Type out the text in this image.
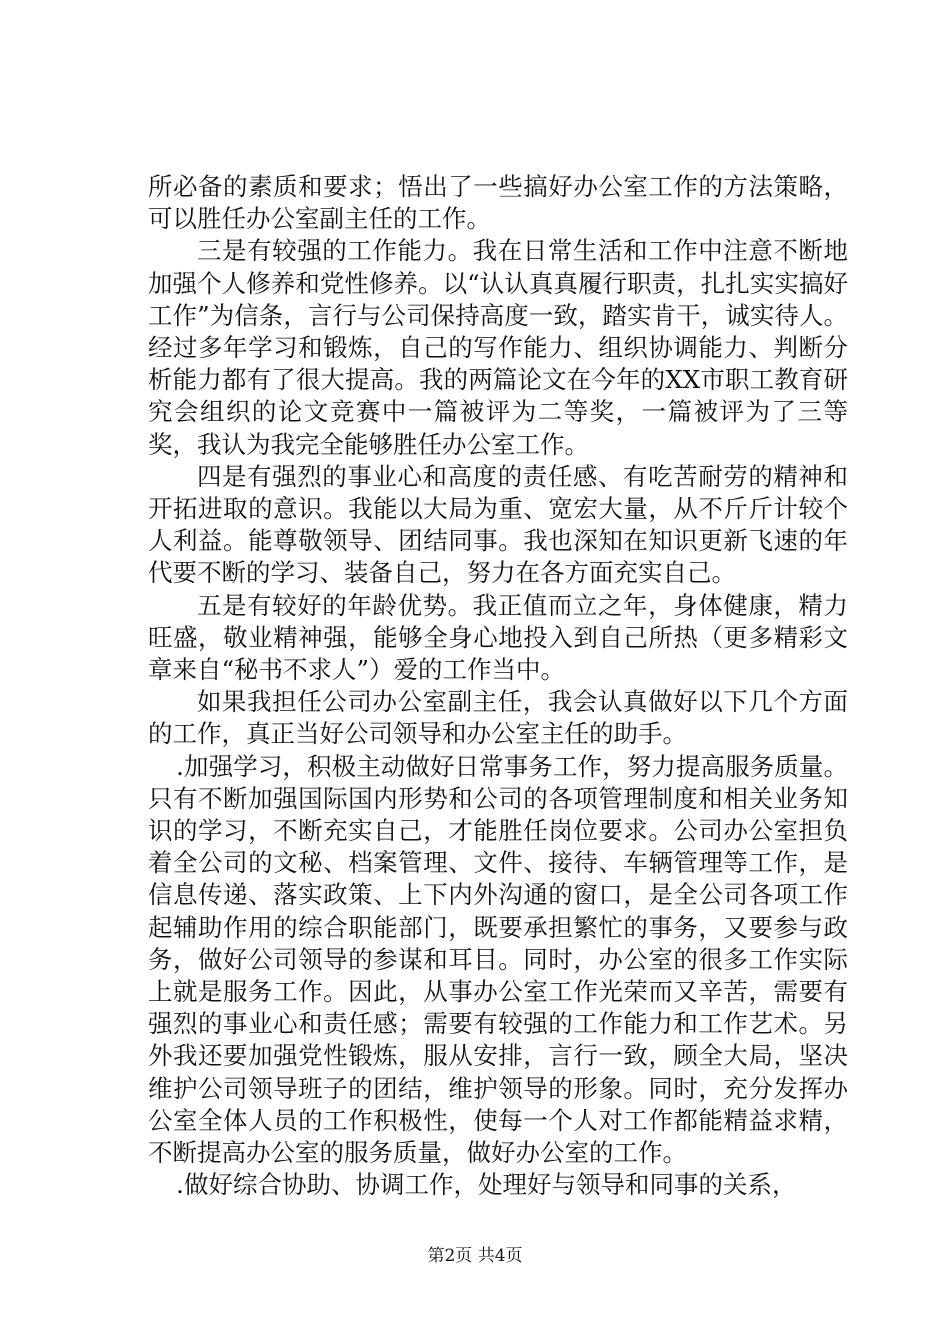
所必备的素质和要求；悟出了一些搞好办公室工作的方法策略，可以胜任办公室副主任的工作。

三是有较强的工作能力。我在日常生活和工作中注意不断地加强个人修养和党性修养。以“认认真真履行职责，扎扎实实搞好工作”为信条，言行与公司保持高度一致，踏实肯干，诚实待人。经过多年学习和锻炼，自己的写作能力、组织协调能力、判断分析能力都有了很大提高。我的两篇论文在今年的XX市职工教育研究会组织的论文竞赛中一篇被评为二等奖，一篇被评为了三等奖，我认为我完全能够胜任办公室工作。

四是有强烈的事业心和高度的责任感、有吃苦耐劳的精神和开拓进取的意识。我能以大局为重、宽宏大量，从不斤斤计较个人利益。能尊敬领导、团结同事。我也深知在知识更新飞速的年代要不断的学习、装备自己，努力在各方面充实自己。

五是有较好的年龄优势。我正值而立之年，身体健康，精力旺盛，敬业精神强，能够全身心地投入到自己所热（更多精彩文章来自“秘书不求人”）爱的工作当中。

如果我担任公司办公室副主任，我会认真做好以下几个方面的工作，真正当好公司领导和办公室主任的助手。

.加强学习，积极主动做好日常事务工作，努力提高服务质量。只有不断加强国际国内形势和公司的各项管理制度和相关业务知识的学习，不断充实自己，才能胜任岗位要求。公司办公室担负着全公司的文秘、档案管理、文件、接待、车辆管理等工作，是信息传递、落实政策、上下内外沟通的窗口，是全公司各项工作起辅助作用的综合职能部门，既要承担繁忙的事务，又要参与政务，做好公司领导的参谋和耳目。同时，办公室的很多工作实际上就是服务工作。因此，从事办公室工作光荣而又辛苦，需要有强烈的事业心和责任感；需要有较强的工作能力和工作艺术。另外我还要加强党性锻炼，服从安排，言行一致，顾全大局，坚决维护公司领导班子的团结，维护领导的形象。同时，充分发挥办公室全体人员的工作积极性，使每一个人对工作都能精益求精，不断提高办公室的服务质量，做好办公室的工作。

.做好综合协助、协调工作，处理好与领导和同事的关系，

第2页 共4页
